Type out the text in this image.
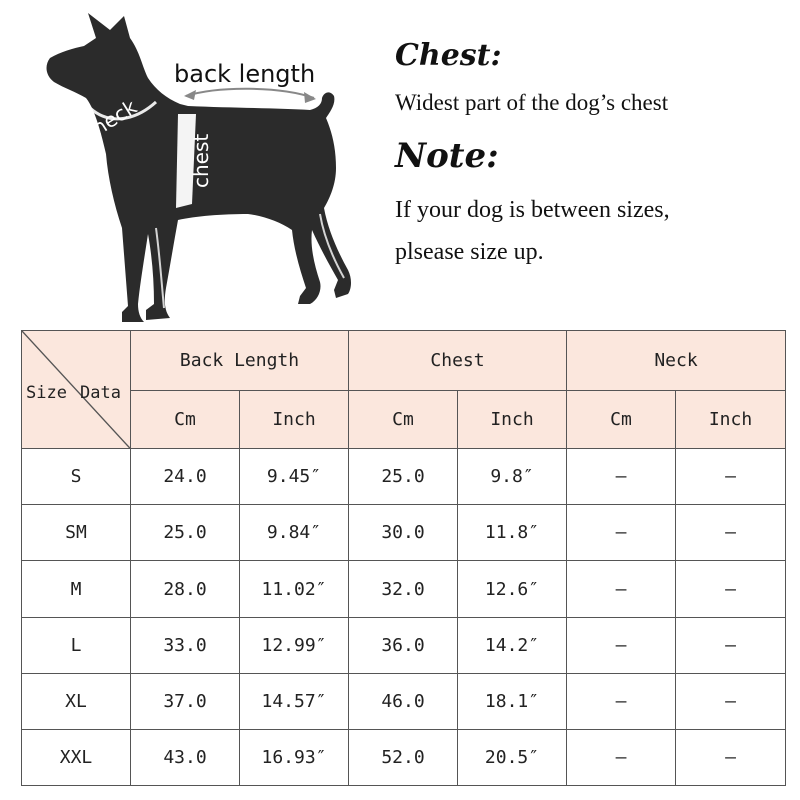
back length
neck
chest
Chest:
Widest part of the dog’s chest
Note:
If your dog is between sizes,
plsease size up.
Size Data	Back Length		Chest		Neck	
	Cm	Inch	Cm	Inch	Cm	Inch
S	24.0	9.45″	25.0	9.8″	–	–
SM	25.0	9.84″	30.0	11.8″	–	–
M	28.0	11.02″	32.0	12.6″	–	–
L	33.0	12.99″	36.0	14.2″	–	–
XL	37.0	14.57″	46.0	18.1″	–	–
XXL	43.0	16.93″	52.0	20.5″	–	–
